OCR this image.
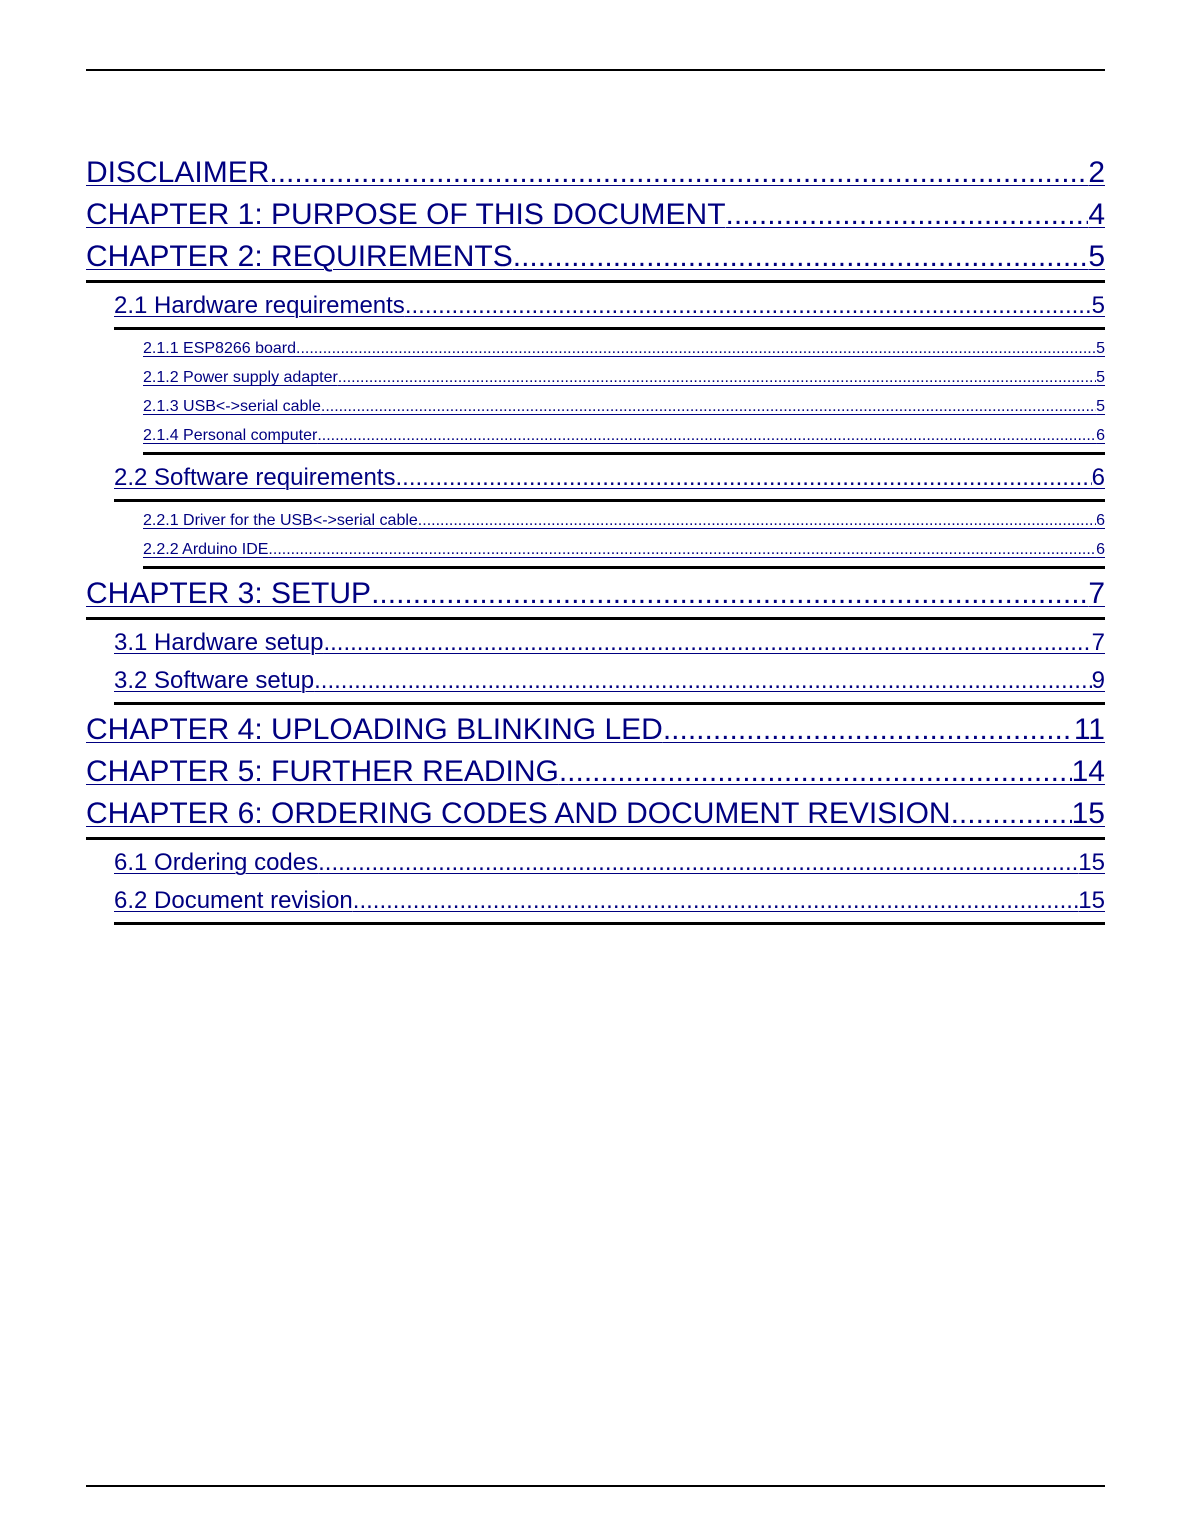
DISCLAIMER .....	2
CHAPTER 1: PURPOSE OF THIS DOCUMENT .....	4
CHAPTER 2: REQUIREMENTS .....	5
2.1 Hardware requirements .....	5
2.1.1 ESP8266 board .....	5
2.1.2 Power supply adapter .....	5
2.1.3 USB<->serial cable .....	5
2.1.4 Personal computer .....	6
2.2 Software requirements .....	6
2.2.1 Driver for the USB<->serial cable .....	6
2.2.2 Arduino IDE .....	6
CHAPTER 3: SETUP .....	7
3.1 Hardware setup .....	7
3.2 Software setup .....	9
CHAPTER 4: UPLOADING BLINKING LED .....	11
CHAPTER 5: FURTHER READING .....	14
CHAPTER 6: ORDERING CODES AND DOCUMENT REVISION .....	15
6.1 Ordering codes .....	15
6.2 Document revision .....	15
